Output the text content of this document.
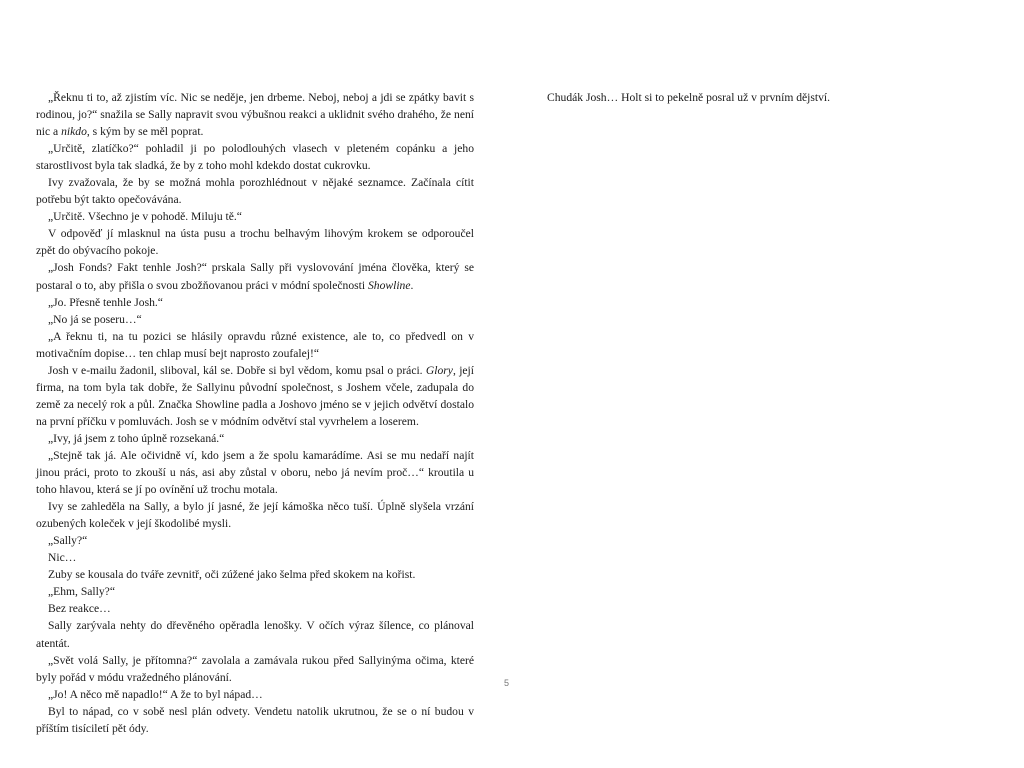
„Řeknu ti to, až zjistím víc. Nic se neděje, jen drbeme. Neboj, neboj a jdi se zpátky bavit s rodinou, jo?“ snažila se Sally napravit svou výbušnou reakci a uklidnit svého drahého, že není nic a nikdo, s kým by se měl poprat.

„Určitě, zlatíčko?“ pohladil ji po polodlouhých vlasech v pleteném copánku a jeho starostlivost byla tak sladká, že by z toho mohl kdekdo dostat cukrovku.

Ivy zvažovala, že by se možná mohla porozhlédnout v nějaké seznamce. Začínala cítit potřebu být takto opečovávána.

„Určitě. Všechno je v pohodě. Miluju tě.“

V odpověď jí mlasknul na ústa pusu a trochu belhavým lihovým krokem se odporoučel zpět do obývacího pokoje.

„Josh Fonds? Fakt tenhle Josh?“ prskala Sally při vyslovování jména člověka, který se postaral o to, aby přišla o svou zbožňovanou práci v módní společnosti Showline.

„Jo. Přesně tenhle Josh.“

„No já se poseru…“

„A řeknu ti, na tu pozici se hlásily opravdu různé existence, ale to, co předvedl on v motivačním dopise… ten chlap musí bejt naprosto zoufalej!“

Josh v e-mailu žadonil, sliboval, kál se. Dobře si byl vědom, komu psal o práci. Glory, její firma, na tom byla tak dobře, že Sallyinu původní společnost, s Joshem včele, zadupala do země za necelý rok a půl. Značka Showline padla a Joshovo jméno se v jejich odvětví dostalo na první příčku v pomluvách. Josh se v módním odvětví stal vyvrhelem a loserem.

„Ivy, já jsem z toho úplně rozsekaná.“

„Stejně tak já. Ale očividně ví, kdo jsem a že spolu kamarádíme. Asi se mu nedaří najít jinou práci, proto to zkouší u nás, asi aby zůstal v oboru, nebo já nevím proč…“ kroutila u toho hlavou, která se jí po ovínění už trochu motala.

Ivy se zahleděla na Sally, a bylo jí jasné, že její kámoška něco tuší. Úplně slyšela vrzání ozubených koleček v její škodolibé mysli.

„Sally?“

Nic…

Zuby se kousala do tváře zevnitř, oči zúžené jako šelma před skokem na kořist.

„Ehm, Sally?“

Bez reakce…

Sally zarývala nehty do dřevěného opěradla lenošky. V očích výraz šílence, co plánoval atentát.

„Svět volá Sally, je přítomna?“ zavolala a zamávala rukou před Sallyinýma očima, které byly pořád v módu vražedného plánování.

„Jo! A něco mě napadlo!“ A že to byl nápad…

Byl to nápad, co v sobě nesl plán odvety. Vendetu natolik ukrutnou, že se o ní budou v příštím tisíciletí pět ódy.

Chudák Josh… Holt si to pekelně posral už v prvním dějství.

5
